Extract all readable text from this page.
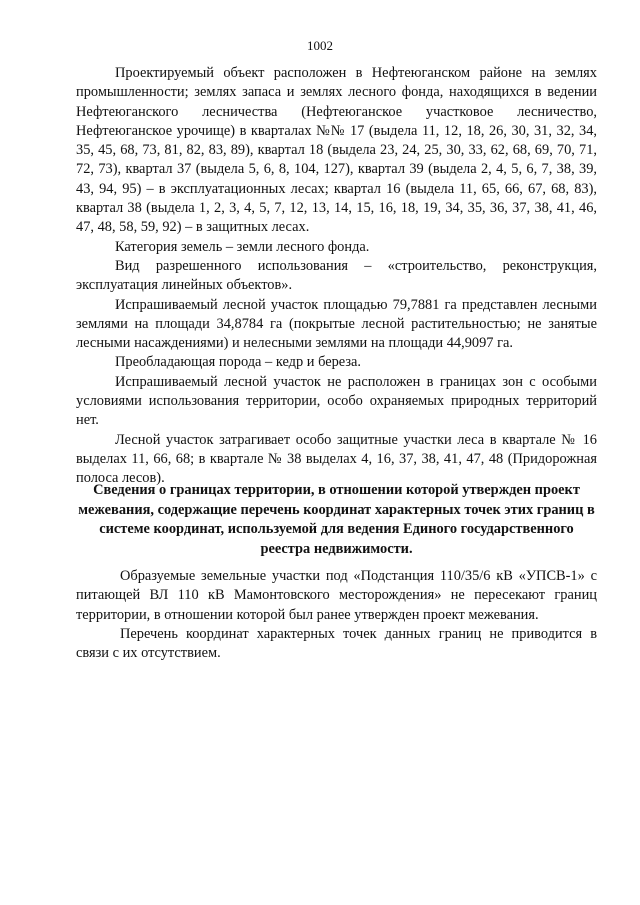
1002

Проектируемый объект расположен в Нефтеюганском районе на землях промышленности; землях запаса и землях лесного фонда, находящихся в ведении Нефтеюганского лесничества (Нефтеюганское участковое лесничество, Нефтеюганское урочище) в кварталах №№ 17 (выдела 11, 12, 18, 26, 30, 31, 32, 34, 35, 45, 68, 73, 81, 82, 83, 89), квартал 18 (выдела 23, 24, 25, 30, 33, 62, 68, 69, 70, 71, 72, 73), квартал 37 (выдела 5, 6, 8, 104, 127), квартал 39 (выдела 2, 4, 5, 6, 7, 38, 39, 43, 94, 95) – в эксплуатационных лесах; квартал 16 (выдела 11, 65, 66, 67, 68, 83), квартал 38 (выдела 1, 2, 3, 4, 5, 7, 12, 13, 14, 15, 16, 18, 19, 34, 35, 36, 37, 38, 41, 46, 47, 48, 58, 59, 92) – в защитных лесах.

Категория земель – земли лесного фонда.

Вид разрешенного использования – «строительство, реконструкция, эксплуатация линейных объектов».

Испрашиваемый лесной участок площадью 79,7881 га представлен лесными землями на площади 34,8784 га (покрытые лесной растительностью; не занятые лесными насаждениями) и нелесными землями на площади 44,9097 га.

Преобладающая порода – кедр и береза.

Испрашиваемый лесной участок не расположен в границах зон с особыми условиями использования территории, особо охраняемых природных территорий нет.

Лесной участок затрагивает особо защитные участки леса в квартале № 16 выделах 11, 66, 68; в квартале № 38 выделах 4, 16, 37, 38, 41, 47, 48 (Придорожная полоса лесов).

Сведения о границах территории, в отношении которой утвержден проект межевания, содержащие перечень координат характерных точек этих границ в системе координат, используемой для ведения Единого государственного реестра недвижимости.

Образуемые земельные участки под «Подстанция 110/35/6 кВ «УПСВ-1» с питающей ВЛ 110 кВ Мамонтовского месторождения» не пересекают границ территории, в отношении которой был ранее утвержден проект межевания.

Перечень координат характерных точек данных границ не приводится в связи с их отсутствием.
